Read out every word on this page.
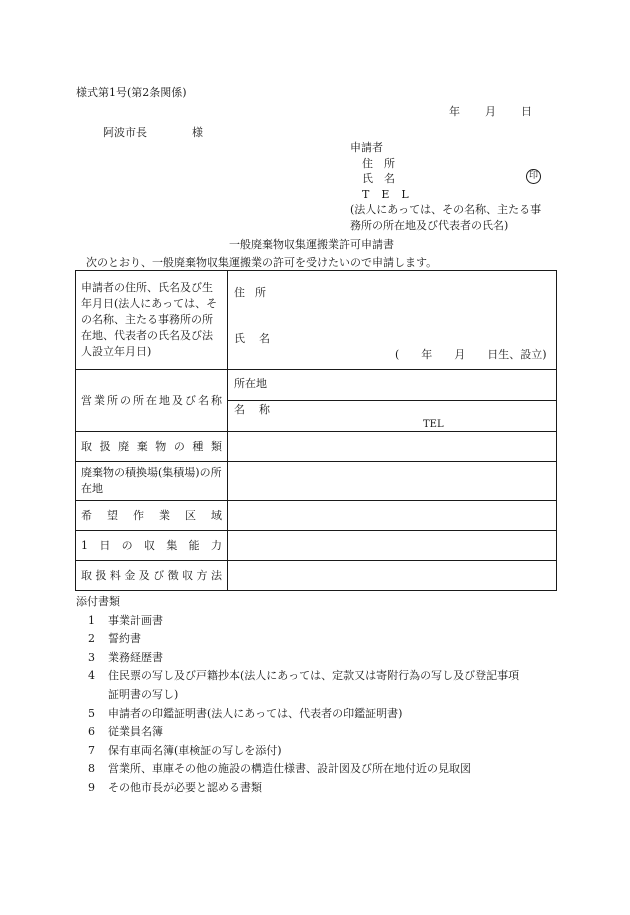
様式第1号(第2条関係)
年 月 日
阿波市長	様
申請者
住　所
氏　名
TEL
(法人にあっては、その名称、主たる事
務所の所在地及び代表者の氏名)
印
一般廃棄物収集運搬業許可申請書
次のとおり、一般廃棄物収集運搬業の許可を受けたいので申請します。
申請者の住所、氏名及び生年月日(法人にあっては、その名称、主たる事務所の所在地、代表者の氏名及び法人設立年月日)	住所
氏名
(　　年　　月　　日生、設立)

営業所の所在地及び名称	所在地

	名称
TEL

取扱廃棄物の種類	
廃棄物の積換場(集積場)の所在地	
希望作業区域	
1日の収集能力	
取扱料金及び徴収方法	
添付書類
1 事業計画書
2 誓約書
3 業務経歴書
4 住民票の写し及び戸籍抄本(法人にあっては、定款又は寄附行為の写し及び登記事項
証明書の写し)
5 申請者の印鑑証明書(法人にあっては、代表者の印鑑証明書)
6 従業員名簿
7 保有車両名簿(車検証の写しを添付)
8 営業所、車庫その他の施設の構造仕様書、設計図及び所在地付近の見取図
9 その他市長が必要と認める書類
